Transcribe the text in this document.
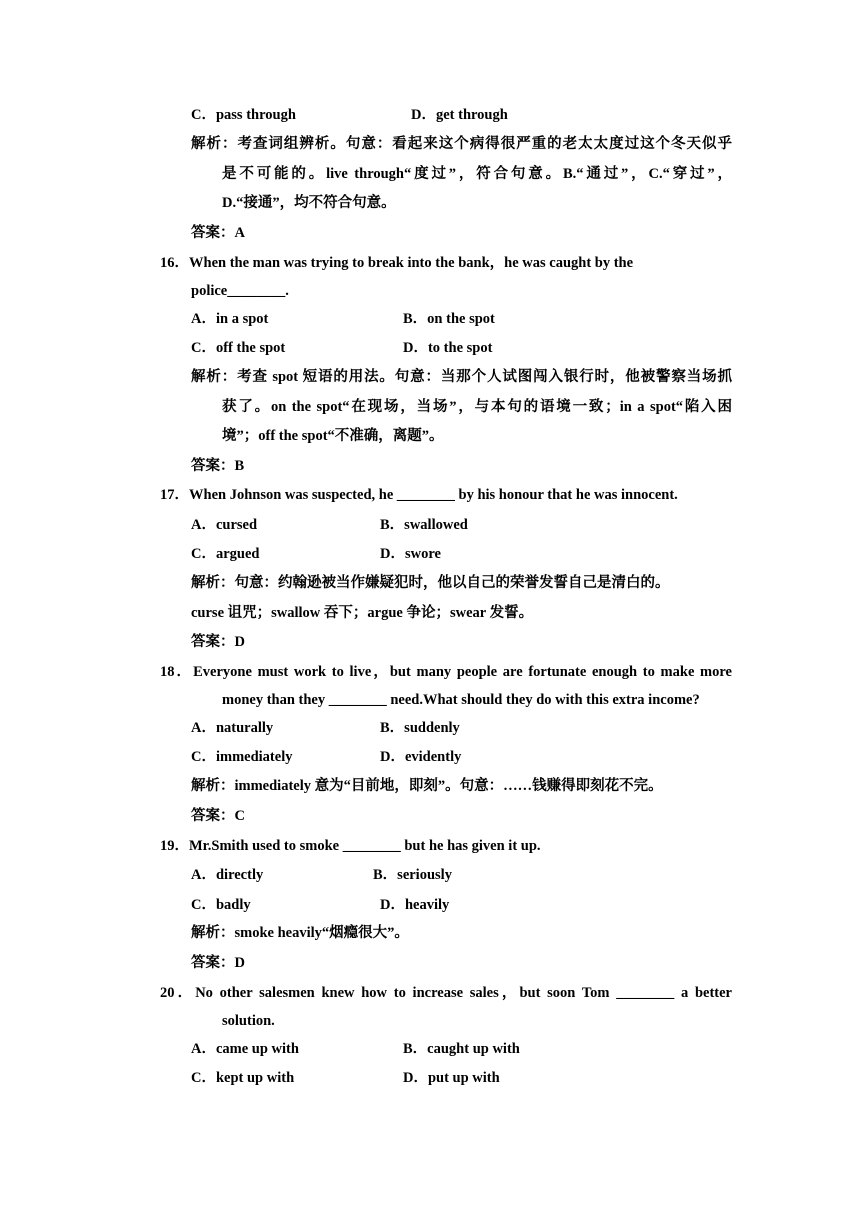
C．pass through	D．get through
解析：考查词组辨析。句意：看起来这个病得很严重的老太太度过这个冬天似乎
是不可能的。live through“度过”，符合句意。B.“通过”，C.“穿过”，
D.“接通”，均不符合句意。
答案：A
16．When the man was trying to break into the bank，he was caught by the
police________.
A．in a spot	B．on the spot
C．off the spot	D．to the spot
解析：考查 spot 短语的用法。句意：当那个人试图闯入银行时，他被警察当场抓
获了。on the spot“在现场，当场”，与本句的语境一致；in a spot“陷入困
境”；off the spot“不准确，离题”。
答案：B
17．When Johnson was suspected, he ________ by his honour that he was innocent.
A．cursed	B．swallowed
C．argued	D．swore
解析：句意：约翰逊被当作嫌疑犯时，他以自己的荣誉发誓自己是清白的。
curse 诅咒；swallow 吞下；argue 争论；swear 发誓。
答案：D
18．Everyone must work to live，but many people are fortunate enough to make more
money than they ________ need.What should they do with this extra income?
A．naturally	B．suddenly
C．immediately	D．evidently
解析：immediately 意为“目前地，即刻”。句意：……钱赚得即刻花不完。
答案：C
19．Mr.Smith used to smoke ________ but he has given it up.
A．directly	B．seriously
C．badly	D．heavily
解析：smoke heavily“烟瘾很大”。
答案：D
20．No other salesmen knew how to increase sales，but soon Tom ________ a better
solution.
A．came up with	B．caught up with
C．kept up with	D．put up with
